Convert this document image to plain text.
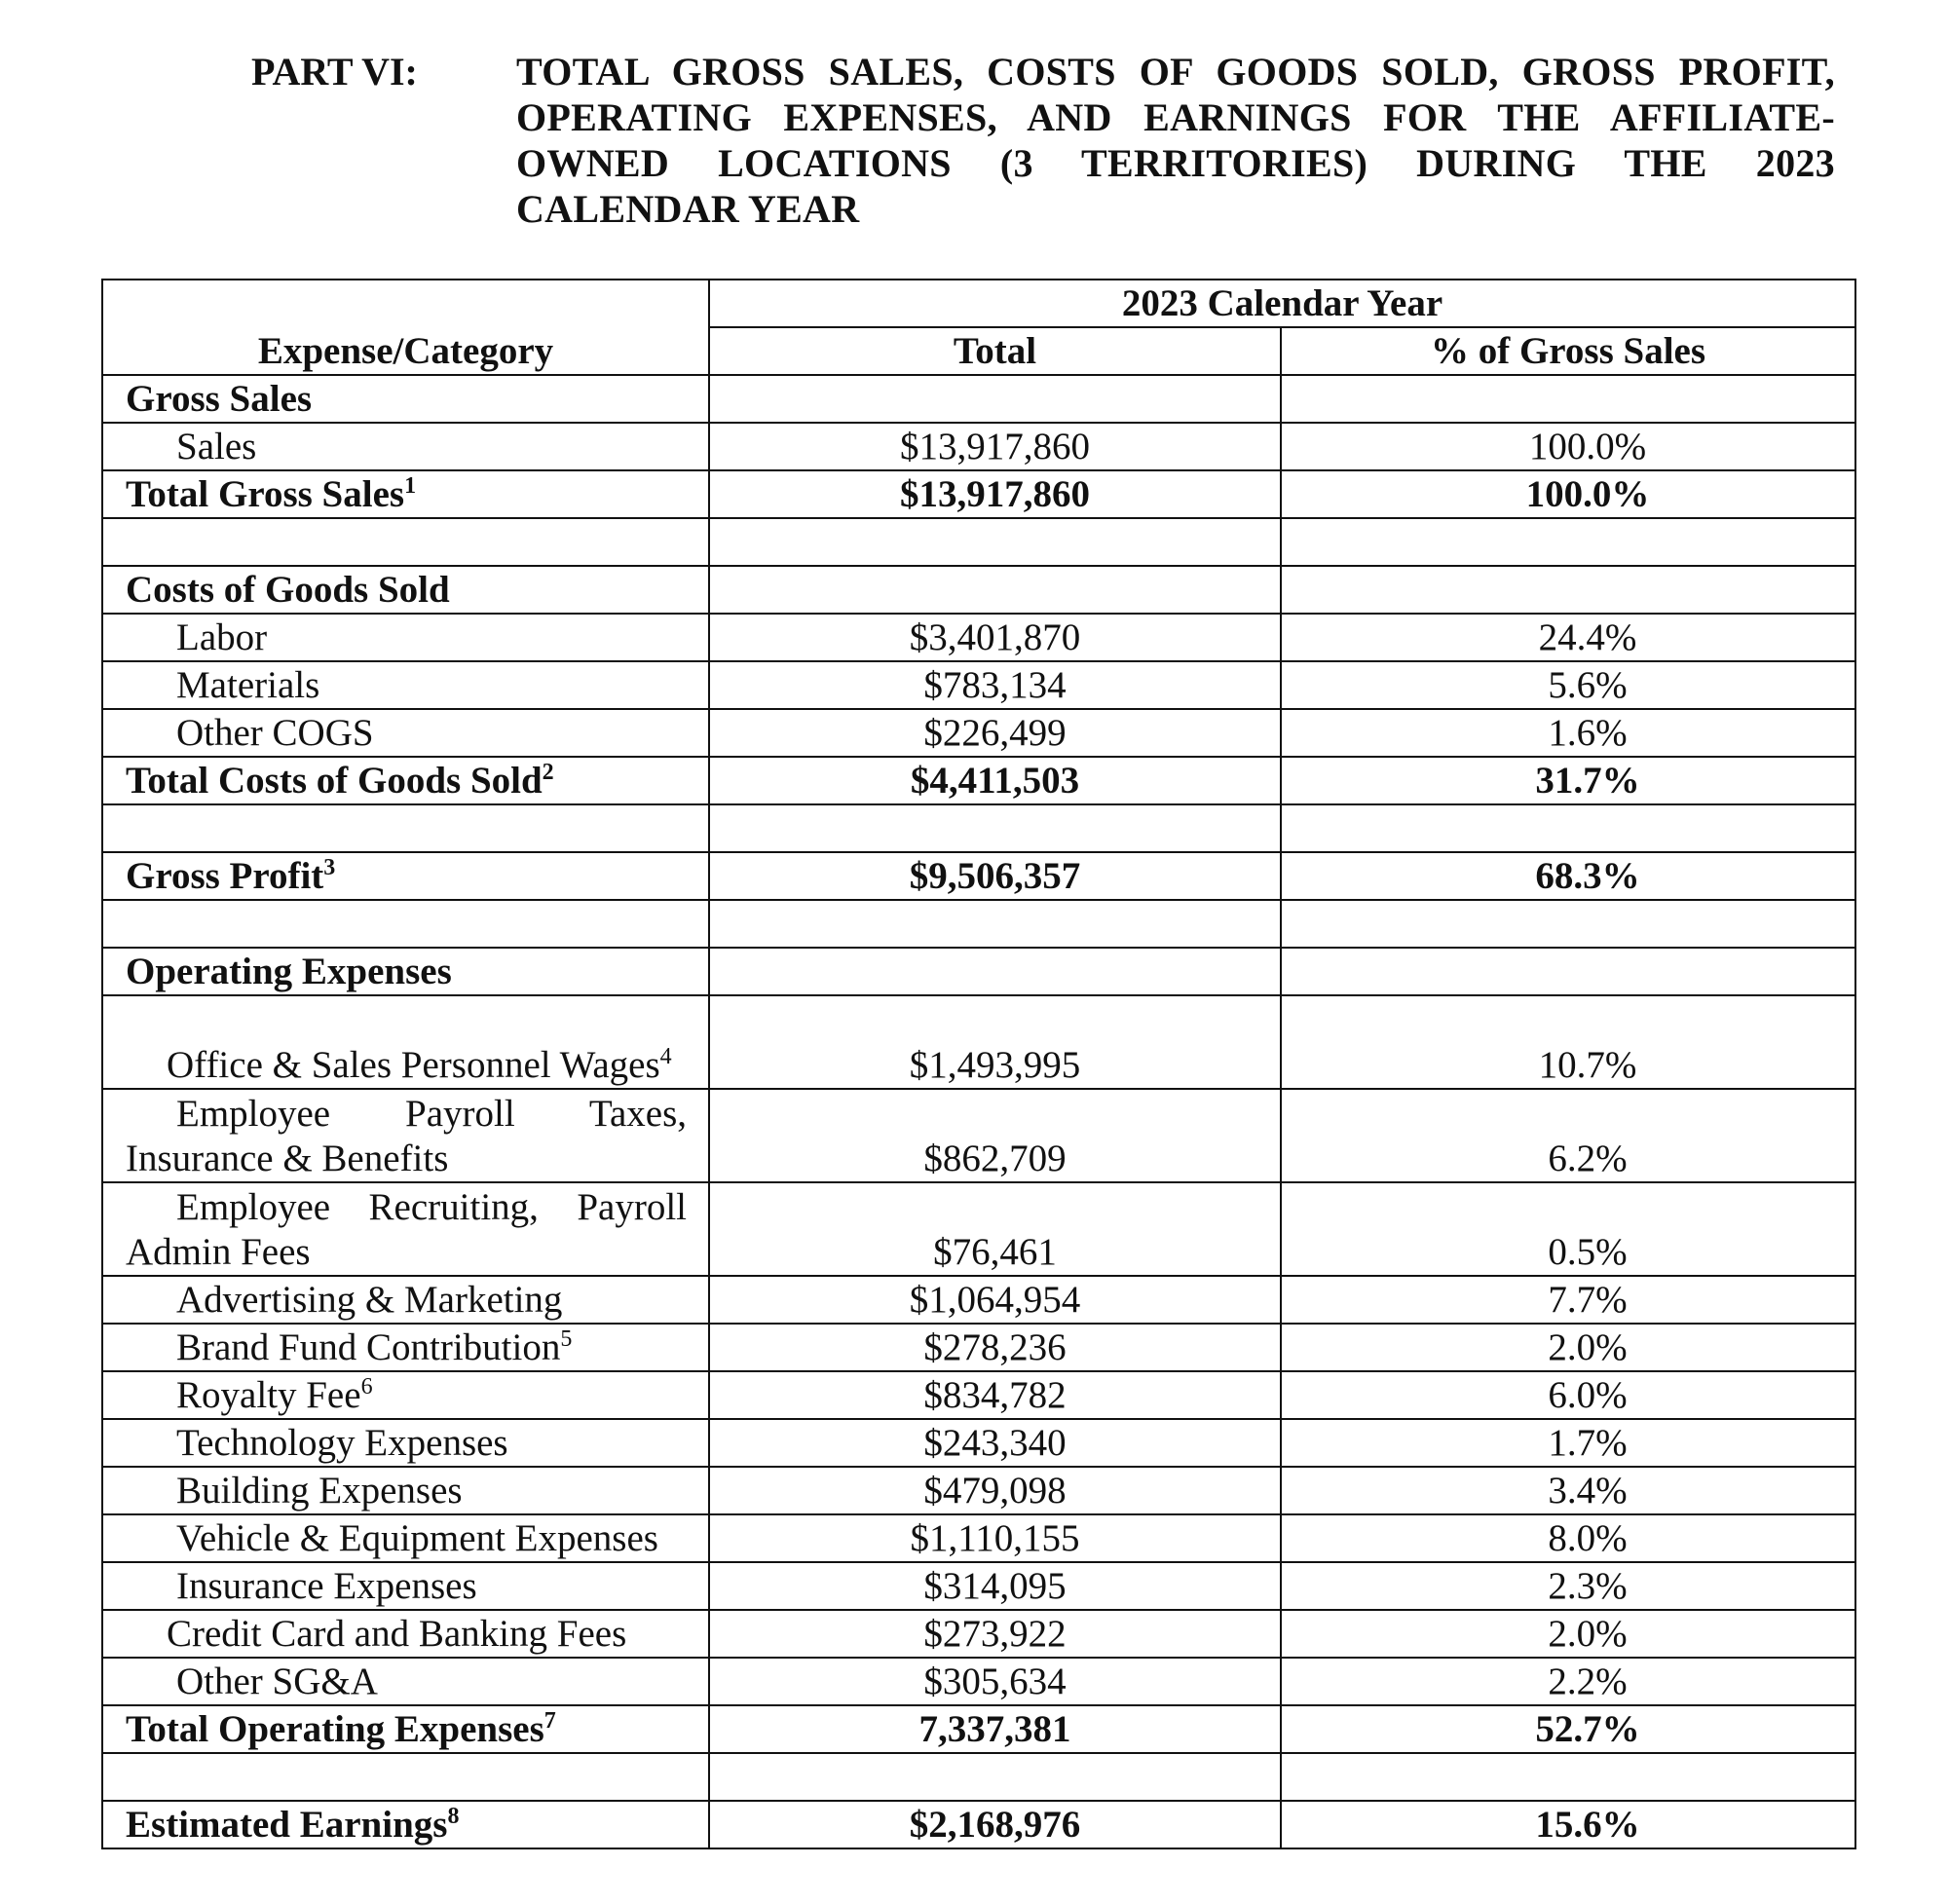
PART VI:	TOTAL GROSS SALES, COSTS OF GOODS SOLD, GROSS PROFIT, OPERATING EXPENSES, AND EARNINGS FOR THE AFFILIATE-OWNED LOCATIONS (3 TERRITORIES) DURING THE 2023 CALENDAR YEAR
	2023 Calendar Year	
Expense/Category	Total	% of Gross Sales
Gross Sales		
Sales	$13,917,860	100.0%
Total Gross Sales$^1$	$13,917,860	100.0%

Costs of Goods Sold		
Labor	$3,401,870	24.4%
Materials	$783,134	5.6%
Other COGS	$226,499	1.6%
Total Costs of Goods Sold$^2$	$4,411,503	31.7%

Gross Profit$^3$	$9,506,357	68.3%

Operating Expenses		

Office & Sales Personnel Wages$^4$	$1,493,995	10.7%

Employee Payroll Taxes, Insurance & Benefits	$862,709	6.2%

Employee Recruiting, Payroll Admin Fees	$76,461	0.5%
Advertising & Marketing	$1,064,954	7.7%
Brand Fund Contribution$^5$	$278,236	2.0%
Royalty Fee$^6$	$834,782	6.0%
Technology Expenses	$243,340	1.7%
Building Expenses	$479,098	3.4%
Vehicle & Equipment Expenses	$1,110,155	8.0%
Insurance Expenses	$314,095	2.3%
Credit Card and Banking Fees	$273,922	2.0%
Other SG&A	$305,634	2.2%
Total Operating Expenses$^7$	7,337,381	52.7%

Estimated Earnings$^8$	$2,168,976	15.6%
